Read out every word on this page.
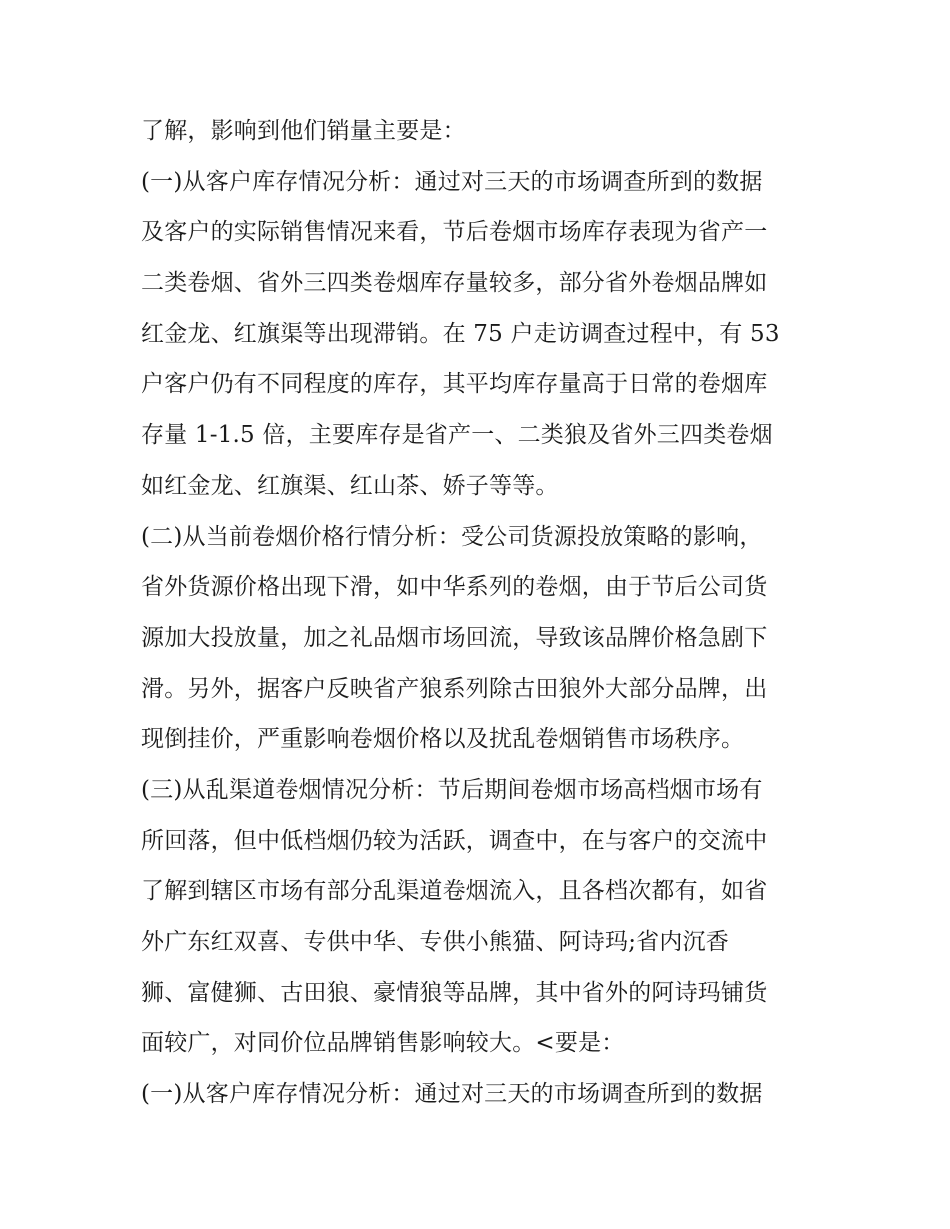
了解，影响到他们销量主要是：
(一)从客户库存情况分析：通过对三天的市场调查所到的数据
及客户的实际销售情况来看，节后卷烟市场库存表现为省产一
二类卷烟、省外三四类卷烟库存量较多，部分省外卷烟品牌如
红金龙、红旗渠等出现滞销。在 75 户走访调查过程中，有 53
户客户仍有不同程度的库存，其平均库存量高于日常的卷烟库
存量 1-1.5 倍，主要库存是省产一、二类狼及省外三四类卷烟
如红金龙、红旗渠、红山茶、娇子等等。
(二)从当前卷烟价格行情分析：受公司货源投放策略的影响，
省外货源价格出现下滑，如中华系列的卷烟，由于节后公司货
源加大投放量，加之礼品烟市场回流，导致该品牌价格急剧下
滑。另外，据客户反映省产狼系列除古田狼外大部分品牌，出
现倒挂价，严重影响卷烟价格以及扰乱卷烟销售市场秩序。
(三)从乱渠道卷烟情况分析：节后期间卷烟市场高档烟市场有
所回落，但中低档烟仍较为活跃，调查中，在与客户的交流中
了解到辖区市场有部分乱渠道卷烟流入，且各档次都有，如省
外广东红双喜、专供中华、专供小熊猫、阿诗玛;省内沉香
狮、富健狮、古田狼、豪情狼等品牌，其中省外的阿诗玛铺货
面较广，对同价位品牌销售影响较大。<要是：
(一)从客户库存情况分析：通过对三天的市场调查所到的数据
